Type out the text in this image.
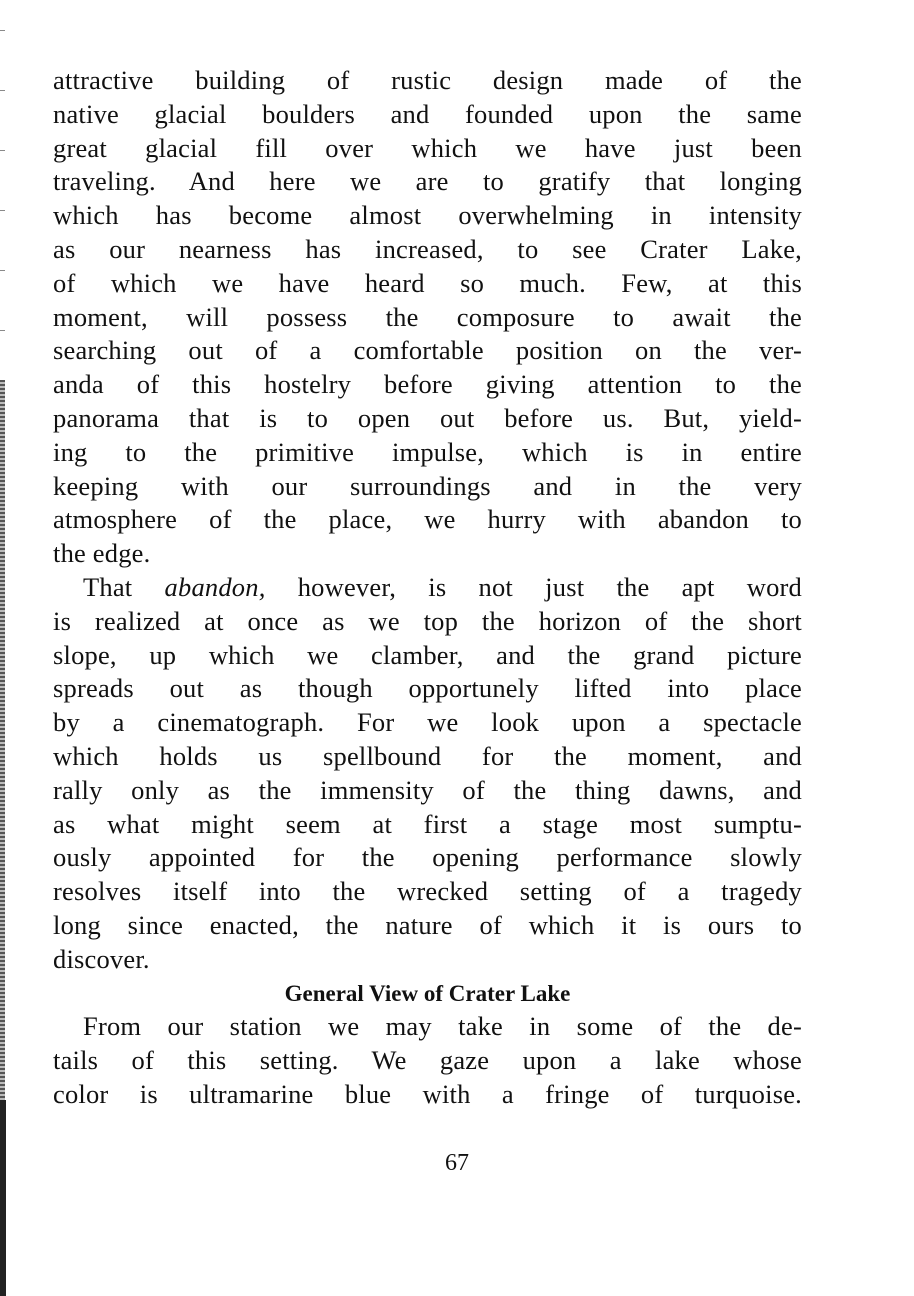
attractive building of rustic design made of the
native glacial boulders and founded upon the same
great glacial fill over which we have just been
traveling. And here we are to gratify that longing
which has become almost overwhelming in intensity
as our nearness has increased, to see Crater Lake,
of which we have heard so much. Few, at this
moment, will possess the composure to await the
searching out of a comfortable position on the ver-
anda of this hostelry before giving attention to the
panorama that is to open out before us. But, yield-
ing to the primitive impulse, which is in entire
keeping with our surroundings and in the very
atmosphere of the place, we hurry with abandon to
the edge.
That abandon, however, is not just the apt word
is realized at once as we top the horizon of the short
slope, up which we clamber, and the grand picture
spreads out as though opportunely lifted into place
by a cinematograph. For we look upon a spectacle
which holds us spellbound for the moment, and
rally only as the immensity of the thing dawns, and
as what might seem at first a stage most sumptu-
ously appointed for the opening performance slowly
resolves itself into the wrecked setting of a tragedy
long since enacted, the nature of which it is ours to
discover.
General View of Crater Lake
From our station we may take in some of the de-
tails of this setting. We gaze upon a lake whose
color is ultramarine blue with a fringe of turquoise.
67
